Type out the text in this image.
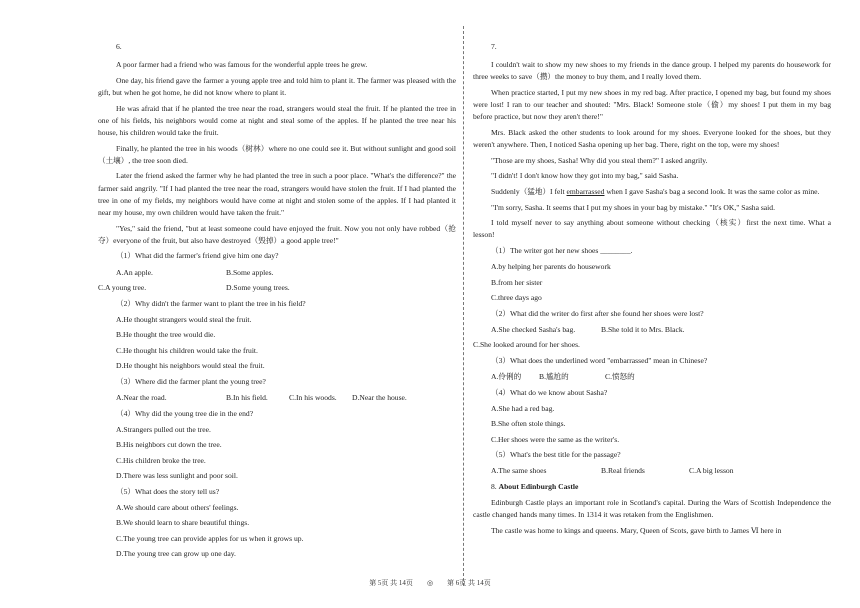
6.

A poor farmer had a friend who was famous for the wonderful apple trees he grew.

One day, his friend gave the farmer a young apple tree and told him to plant it. The farmer was pleased with the gift, but when he got home, he did not know where to plant it.

He was afraid that if he planted the tree near the road, strangers would steal the fruit. If he planted the tree in one of his fields, his neighbors would come at night and steal some of the apples. If he planted the tree near his house, his children would take the fruit.

Finally, he planted the tree in his woods（树林）where no one could see it. But without sunlight and good soil（土壤）, the tree soon died.

Later the friend asked the farmer why he had planted the tree in such a poor place. "What's the difference?" the farmer said angrily. "If I had planted the tree near the road, strangers would have stolen the fruit. If I had planted the tree in one of my fields, my neighbors would have come at night and stolen some of the apples. If I had planted it near my house, my own children would have taken the fruit."

"Yes," said the friend, "but at least someone could have enjoyed the fruit. Now you not only have robbed（抢夺）everyone of the fruit, but also have destroyed（毁掉）a good apple tree!"

（1）What did the farmer's friend give him one day?
A.An apple.	B.Some apples.
C.A young tree.	D.Some young trees.
（2）Why didn't the farmer want to plant the tree in his field?
A.He thought strangers would steal the fruit.
B.He thought the tree would die.
C.He thought his children would take the fruit.
D.He thought his neighbors would steal the fruit.
（3）Where did the farmer plant the young tree?
A.Near the road.	B.In his field.	C.In his woods. D.Near the house.
（4）Why did the young tree die in the end?
A.Strangers pulled out the tree.
B.His neighbors cut down the tree.
C.His children broke the tree.
D.There was less sunlight and poor soil.
（5）What does the story tell us?
A.We should care about others' feelings.
B.We should learn to share beautiful things.
C.The young tree can provide apples for us when it grows up.
D.The young tree can grow up one day.
7.

I couldn't wait to show my new shoes to my friends in the dance group. I helped my parents do housework for three weeks to save（攒）the money to buy them, and I really loved them.

When practice started, I put my new shoes in my red bag. After practice, I opened my bag, but found my shoes were lost! I ran to our teacher and shouted: "Mrs. Black! Someone stole（偷）my shoes! I put them in my bag before practice, but now they aren't there!"

Mrs. Black asked the other students to look around for my shoes. Everyone looked for the shoes, but they weren't anywhere. Then, I noticed Sasha opening up her bag. There, right on the top, were my shoes!

"Those are my shoes, Sasha! Why did you steal them?" I asked angrily.

"I didn't! I don't know how they got into my bag," said Sasha.

Suddenly（猛地）I felt embarrassed when I gave Sasha's bag a second look. It was the same color as mine.

"I'm sorry, Sasha. It seems that I put my shoes in your bag by mistake." "It's OK," Sasha said.

I told myself never to say anything about someone without checking（核实）first the next time. What a lesson!

（1）The writer got her new shoes ________.
A.by helping her parents do housework
B.from her sister
C.three days ago
（2）What did the writer do first after she found her shoes were lost?
A.She checked Sasha's bag.	B.She told it to Mrs. Black.
C.She looked around for her shoes.
（3）What does the underlined word "embarrassed" mean in Chinese?
A.伶俐的 B.尴尬的	C.愤怒的
（4）What do we know about Sasha?
A.She had a red bag.
B.She often stole things.
C.Her shoes were the same as the writer's.
（5）What's the best title for the passage?
A.The same shoes	B.Real friends	C.A big lesson
8. About Edinburgh Castle

Edinburgh Castle plays an important role in Scotland's capital. During the Wars of Scottish Independence the castle changed hands many times. In 1314 it was retaken from the Englishmen.

The castle was home to kings and queens. Mary, Queen of Scots, gave birth to James Ⅵ here in

第 5页 共 14页 ◎ 第 6页 共 14页
